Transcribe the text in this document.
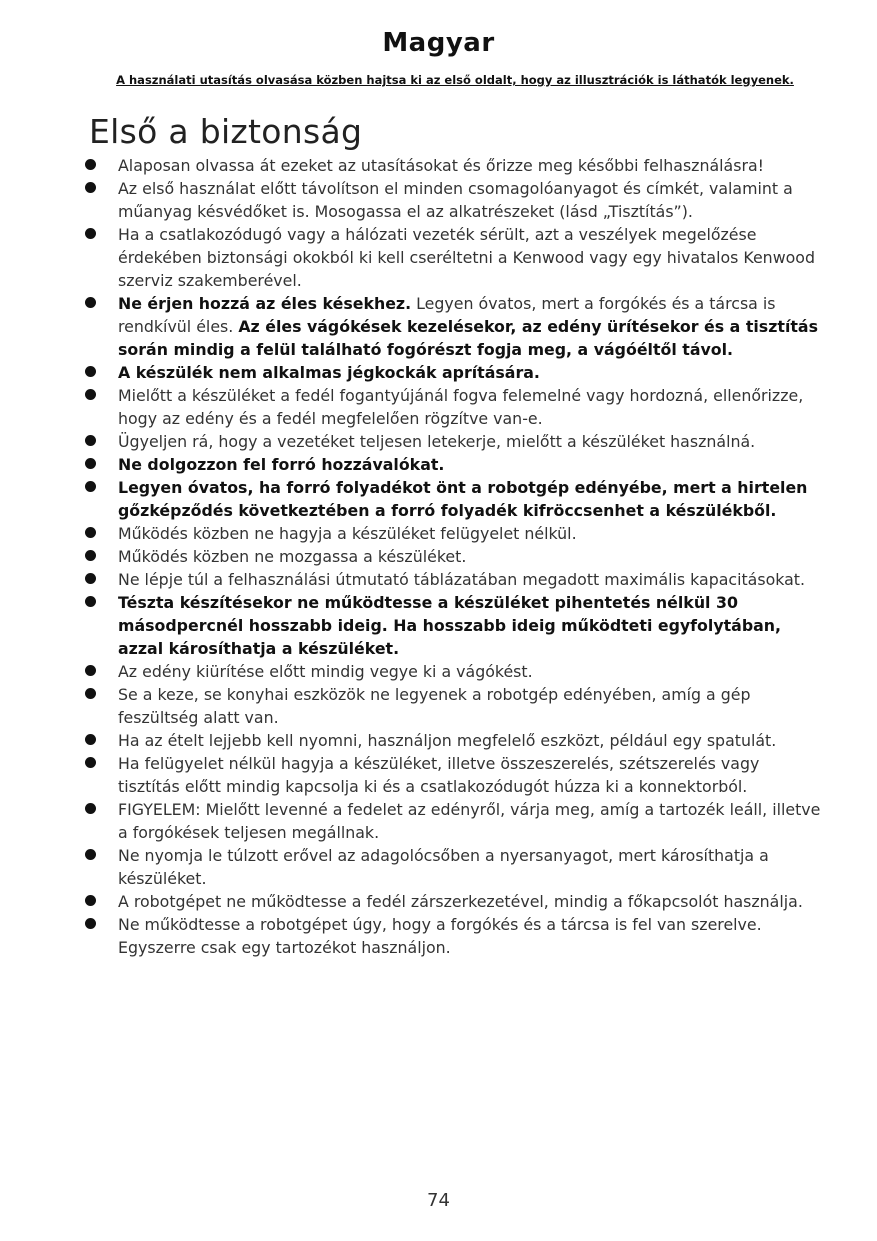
Magyar
A használati utasítás olvasása közben hajtsa ki az első oldalt, hogy az illusztrációk is láthatók legyenek.
Első a biztonság
Alaposan olvassa át ezeket az utasításokat és őrizze meg későbbi felhasználásra!
Az első használat előtt távolítson el minden csomagolóanyagot és címkét, valamint a műanyag késvédőket is. Mosogassa el az alkatrészeket (lásd „Tisztítás”).
Ha a csatlakozódugó vagy a hálózati vezeték sérült, azt a veszélyek megelőzése érdekében biztonsági okokból ki kell cseréltetni a Kenwood vagy egy hivatalos Kenwood szerviz szakemberével.
Ne érjen hozzá az éles késekhez. Legyen óvatos, mert a forgókés és a tárcsa is rendkívül éles. Az éles vágókések kezelésekor, az edény ürítésekor és a tisztítás során mindig a felül található fogórészt fogja meg, a vágóéltől távol.
A készülék nem alkalmas jégkockák aprítására.
Mielőtt a készüléket a fedél fogantyújánál fogva felemelné vagy hordozná, ellenőrizze, hogy az edény és a fedél megfelelően rögzítve van-e.
Ügyeljen rá, hogy a vezetéket teljesen letekerje, mielőtt a készüléket használná.
Ne dolgozzon fel forró hozzávalókat.
Legyen óvatos, ha forró folyadékot önt a robotgép edényébe, mert a hirtelen gőzképződés következtében a forró folyadék kifröccsenhet a készülékből.
Működés közben ne hagyja a készüléket felügyelet nélkül.
Működés közben ne mozgassa a készüléket.
Ne lépje túl a felhasználási útmutató táblázatában megadott maximális kapacitásokat.
Tészta készítésekor ne működtesse a készüléket pihentetés nélkül 30 másodpercnél hosszabb ideig. Ha hosszabb ideig működteti egyfolytában, azzal károsíthatja a készüléket.
Az edény kiürítése előtt mindig vegye ki a vágókést.
Se a keze, se konyhai eszközök ne legyenek a robotgép edényében, amíg a gép feszültség alatt van.
Ha az ételt lejjebb kell nyomni, használjon megfelelő eszközt, például egy spatulát.
Ha felügyelet nélkül hagyja a készüléket, illetve összeszerelés, szétszerelés vagy tisztítás előtt mindig kapcsolja ki és a csatlakozódugót húzza ki a konnektorból.
FIGYELEM: Mielőtt levenné a fedelet az edényről, várja meg, amíg a tartozék leáll, illetve a forgókések teljesen megállnak.
Ne nyomja le túlzott erővel az adagolócsőben a nyersanyagot, mert károsíthatja a készüléket.
A robotgépet ne működtesse a fedél zárszerkezetével, mindig a főkapcsolót használja.
Ne működtesse a robotgépet úgy, hogy a forgókés és a tárcsa is fel van szerelve. Egyszerre csak egy tartozékot használjon.
74
